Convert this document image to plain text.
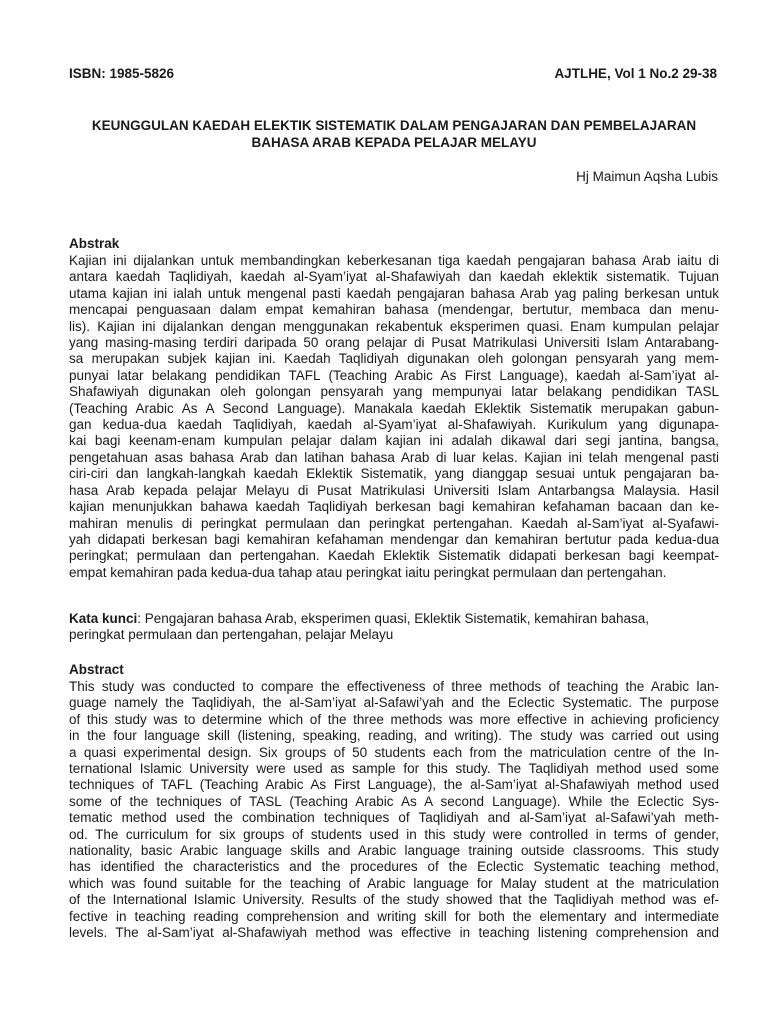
ISBN: 1985-5826	AJTLHE, Vol 1 No.2 29-38
KEUNGGULAN KAEDAH ELEKTIK SISTEMATIK DALAM PENGAJARAN DAN PEMBELAJARAN
BAHASA ARAB KEPADA PELAJAR MELAYU
Hj Maimun Aqsha Lubis
Abstrak
Kajian ini dijalankan untuk membandingkan keberkesanan tiga kaedah pengajaran bahasa Arab iaitu di
antara kaedah Taqlidiyah, kaedah al-Syam’iyat al-Shafawiyah dan kaedah eklektik sistematik. Tujuan
utama kajian ini ialah untuk mengenal pasti kaedah pengajaran bahasa Arab yag paling berkesan untuk
mencapai penguasaan dalam empat kemahiran bahasa (mendengar, bertutur, membaca dan menu-
lis). Kajian ini dijalankan dengan menggunakan rekabentuk eksperimen quasi. Enam kumpulan pelajar
yang masing-masing terdiri daripada 50 orang pelajar di Pusat Matrikulasi Universiti Islam Antarabang-
sa merupakan subjek kajian ini. Kaedah Taqlidiyah digunakan oleh golongan pensyarah yang mem-
punyai latar belakang pendidikan TAFL (Teaching Arabic As First Language), kaedah al-Sam’iyat al-
Shafawiyah digunakan oleh golongan pensyarah yang mempunyai latar belakang pendidikan TASL
(Teaching Arabic As A Second Language). Manakala kaedah Eklektik Sistematik merupakan gabun-
gan kedua-dua kaedah Taqlidiyah, kaedah al-Syam’iyat al-Shafawiyah. Kurikulum yang digunapa-
kai bagi keenam-enam kumpulan pelajar dalam kajian ini adalah dikawal dari segi jantina, bangsa,
pengetahuan asas bahasa Arab dan latihan bahasa Arab di luar kelas. Kajian ini telah mengenal pasti
ciri-ciri dan langkah-langkah kaedah Eklektik Sistematik, yang dianggap sesuai untuk pengajaran ba-
hasa Arab kepada pelajar Melayu di Pusat Matrikulasi Universiti Islam Antarbangsa Malaysia. Hasil
kajian menunjukkan bahawa kaedah Taqlidiyah berkesan bagi kemahiran kefahaman bacaan dan ke-
mahiran menulis di peringkat permulaan dan peringkat pertengahan. Kaedah al-Sam’iyat al-Syafawi-
yah didapati berkesan bagi kemahiran kefahaman mendengar dan kemahiran bertutur pada kedua-dua
peringkat; permulaan dan pertengahan. Kaedah Eklektik Sistematik didapati berkesan bagi keempat-
empat kemahiran pada kedua-dua tahap atau peringkat iaitu peringkat permulaan dan pertengahan.
Kata kunci: Pengajaran bahasa Arab, eksperimen quasi, Eklektik Sistematik, kemahiran bahasa,
peringkat permulaan dan pertengahan, pelajar Melayu
Abstract
This study was conducted to compare the effectiveness of three methods of teaching the Arabic lan-
guage namely the Taqlidiyah, the al-Sam’iyat al-Safawi’yah and the Eclectic Systematic. The purpose
of this study was to determine which of the three methods was more effective in achieving proficiency
in the four language skill (listening, speaking, reading, and writing). The study was carried out using
a quasi experimental design. Six groups of 50 students each from the matriculation centre of the In-
ternational Islamic University were used as sample for this study. The Taqlidiyah method used some
techniques of TAFL (Teaching Arabic As First Language), the al-Sam’iyat al-Shafawiyah method used
some of the techniques of TASL (Teaching Arabic As A second Language). While the Eclectic Sys-
tematic method used the combination techniques of Taqlidiyah and al-Sam’iyat al-Safawi’yah meth-
od. The curriculum for six groups of students used in this study were controlled in terms of gender,
nationality, basic Arabic language skills and Arabic language training outside classrooms. This study
has identified the characteristics and the procedures of the Eclectic Systematic teaching method,
which was found suitable for the teaching of Arabic language for Malay student at the matriculation
of the International Islamic University. Results of the study showed that the Taqlidiyah method was ef-
fective in teaching reading comprehension and writing skill for both the elementary and intermediate
levels. The al-Sam’iyat al-Shafawiyah method was effective in teaching listening comprehension and
